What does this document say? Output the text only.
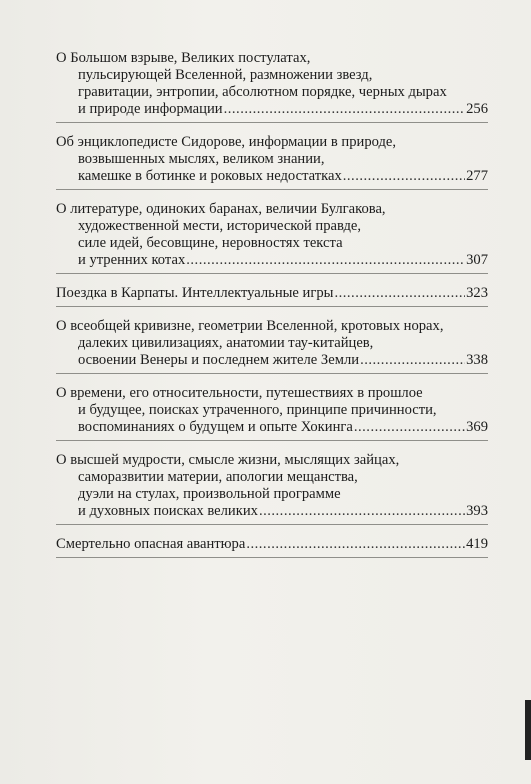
О Большом взрыве, Великих постулатах,
пульсирующей Вселенной, размножении звезд,
гравитации, энтропии, абсолютном порядке, черных дырах
и природе информации .....	256
Об энциклопедисте Сидорове, информации в природе,
возвышенных мыслях, великом знании,
камешке в ботинке и роковых недостатках .....	277
О литературе, одиноких баранах, величии Булгакова,
художественной мести, исторической правде,
силе идей, бесовщине, неровностях текста
и утренних котах .....	307
Поездка в Карпаты. Интеллектуальные игры .....	323
О всеобщей кривизне, геометрии Вселенной, кротовых норах,
далеких цивилизациях, анатомии тау-китайцев,
освоении Венеры и последнем жителе Земли .....	338
О времени, его относительности, путешествиях в прошлое
и будущее, поисках утраченного, принципе причинности,
воспоминаниях о будущем и опыте Хокинга .....	369
О высшей мудрости, смысле жизни, мыслящих зайцах,
саморазвитии материи, апологии мещанства,
дуэли на стулах, произвольной программе
и духовных поисках великих .....	393
Смертельно опасная авантюра .....	419
